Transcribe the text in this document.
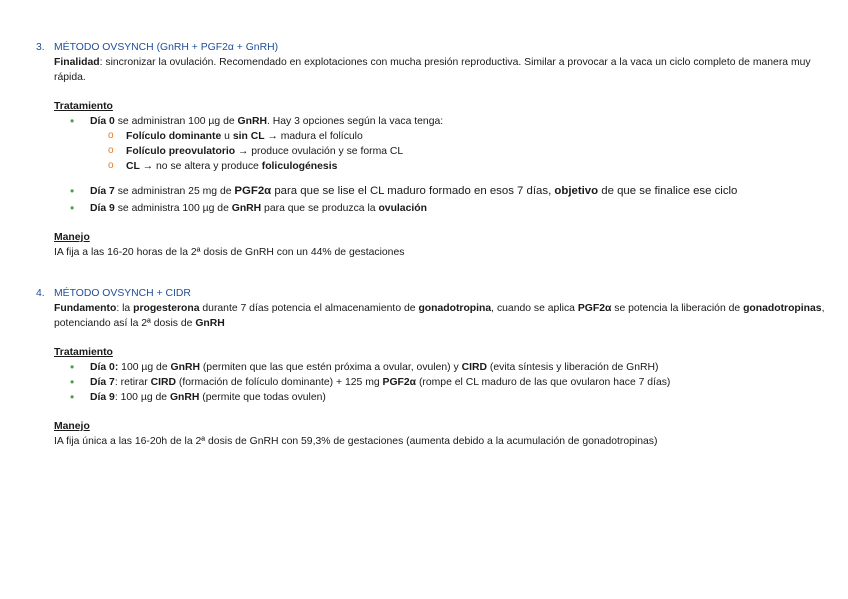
3. MÉTODO OVSYNCH (GnRH + PGF2α + GnRH)
Finalidad: sincronizar la ovulación. Recomendado en explotaciones con mucha presión reproductiva. Similar a provocar a la vaca un ciclo completo de manera muy rápida.
Tratamiento
• Día 0 se administran 100 µg de GnRH. Hay 3 opciones según la vaca tenga:
o Folículo dominante u sin CL → madura el folículo
o Folículo preovulatorio → produce ovulación y se forma CL
o CL → no se altera y produce foliculogénesis
• Día 7 se administran 25 mg de PGF2α para que se lise el CL maduro formado en esos 7 días, objetivo de que se finalice ese ciclo
• Día 9 se administra 100 µg de GnRH para que se produzca la ovulación
Manejo
IA fija a las 16-20 horas de la 2ª dosis de GnRH con un 44% de gestaciones
4. MÉTODO OVSYNCH + CIDR
Fundamento: la progesterona durante 7 días potencia el almacenamiento de gonadotropina, cuando se aplica PGF2α se potencia la liberación de gonadotropinas, potenciando así la 2ª dosis de GnRH
Tratamiento
• Día 0: 100 µg de GnRH (permiten que las que estén próxima a ovular, ovulen) y CIRD (evita síntesis y liberación de GnRH)
• Día 7: retirar CIRD (formación de folículo dominante) + 125 mg PGF2α (rompe el CL maduro de las que ovularon hace 7 días)
• Día 9: 100 µg de GnRH (permite que todas ovulen)
Manejo
IA fija única a las 16-20h de la 2ª dosis de GnRH con 59,3% de gestaciones (aumenta debido a la acumulación de gonadotropinas)
